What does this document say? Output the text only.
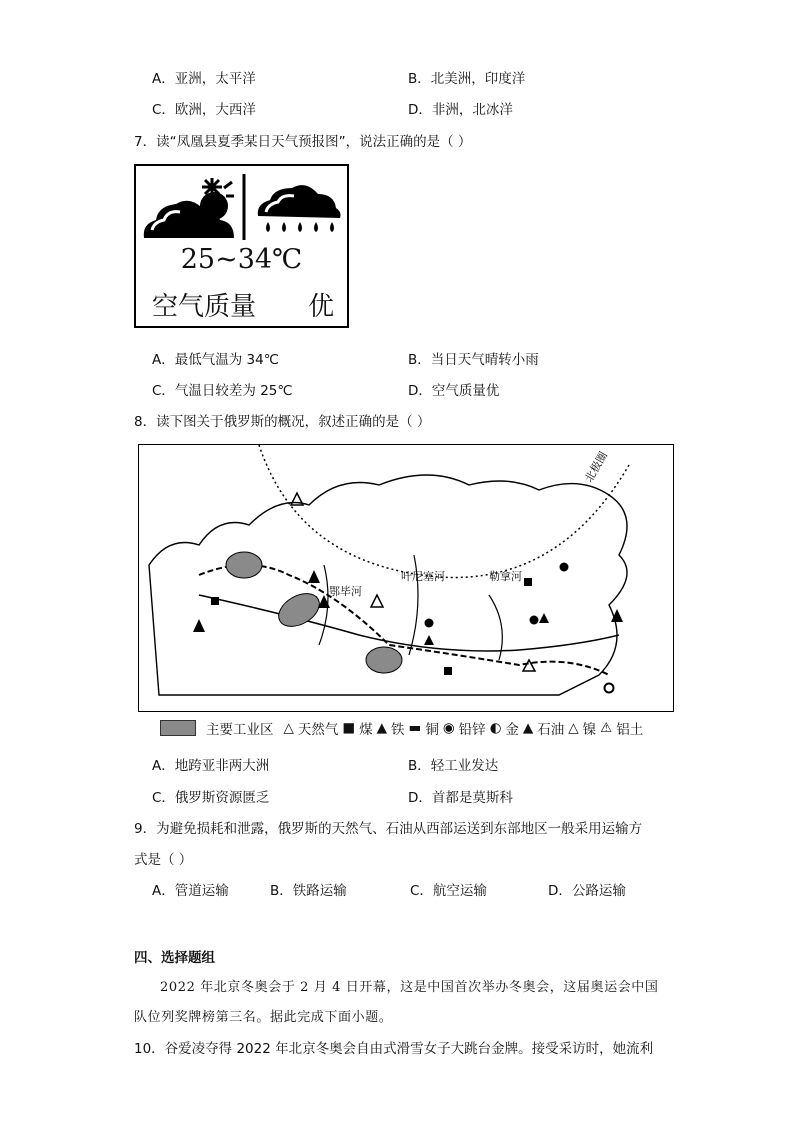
A．亚洲，太平洋	B．北美洲，印度洋
C．欧洲，大西洋	D．非洲，北冰洋
7．读“凤凰县夏季某日天气预报图”，说法正确的是（ ）
25~34℃
空气质量 优
A．最低气温为 34℃	B．当日天气晴转小雨
C．气温日较差为 25℃	D．空气质量优
8．读下图关于俄罗斯的概况，叙述正确的是（ ）
北极圈
鄂毕河
叶尼塞河	勒拿河
主要工业区 △ 天然气 ■ 煤 ▲ 铁 ▬ 铜 ◉ 铅锌 ◐ 金 ▲ 石油 △ 镍 ⚠ 铝土
A．地跨亚非两大洲	B．轻工业发达
C．俄罗斯资源匮乏	D．首都是莫斯科
9．为避免损耗和泄露，俄罗斯的天然气、石油从西部运送到东部地区一般采用运输方
式是（ ）
A．管道运输	B．铁路运输	C．航空运输	D．公路运输
四、选择题组
2022 年北京冬奥会于 2 月 4 日开幕，这是中国首次举办冬奥会，这届奥运会中国
队位列奖牌榜第三名。据此完成下面小题。
10．谷爱凌夺得 2022 年北京冬奥会自由式滑雪女子大跳台金牌。接受采访时，她流利
